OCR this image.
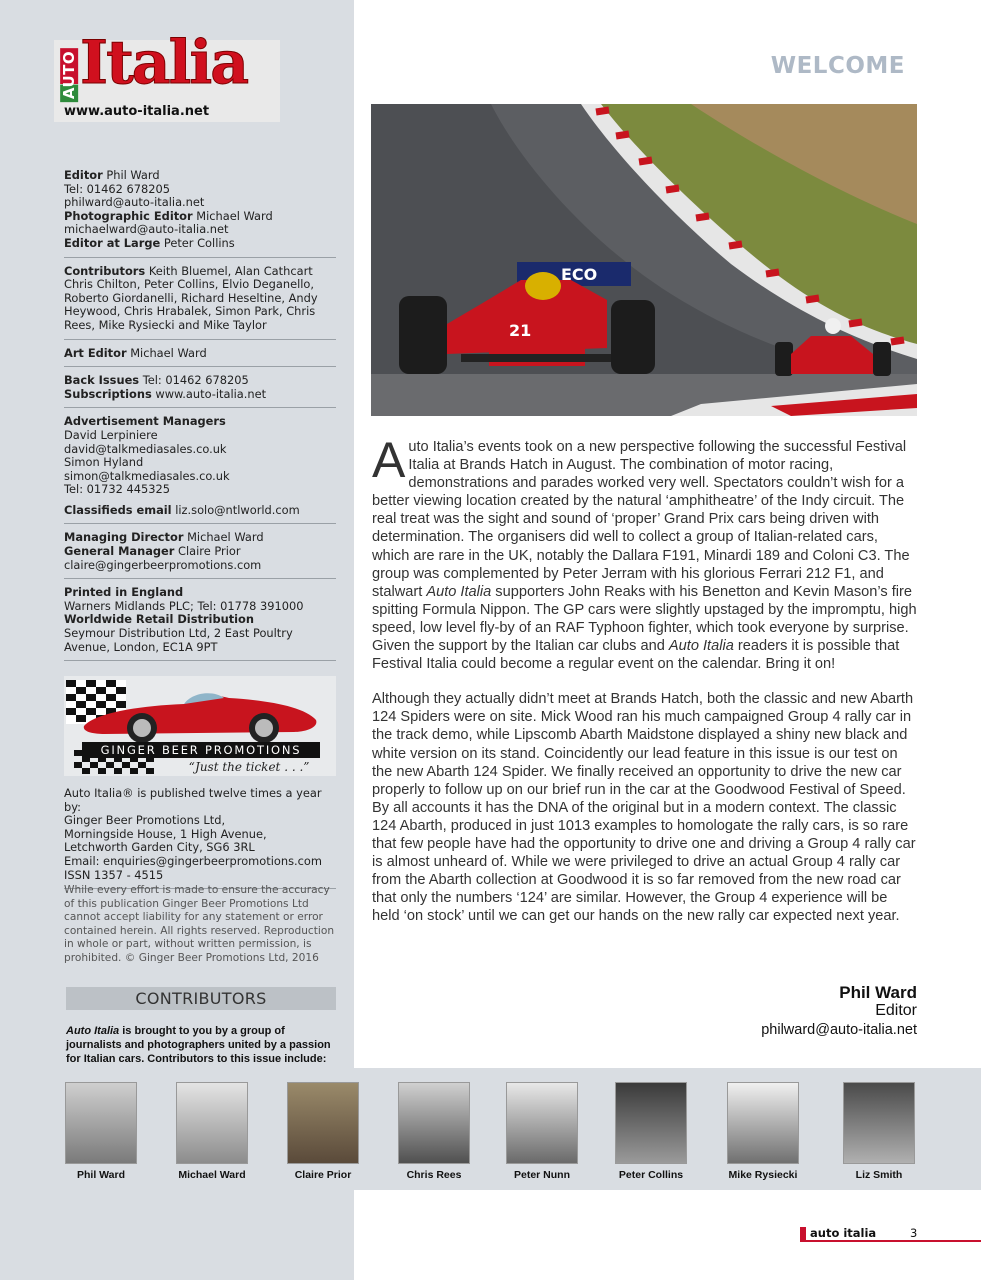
AUTO Italia
www.auto-italia.net
Editor Phil Ward
Tel: 01462 678205
philward@auto-italia.net
Photographic Editor Michael Ward
michaelward@auto-italia.net
Editor at Large Peter Collins
Contributors Keith Bluemel, Alan Cathcart Chris Chilton, Peter Collins, Elvio Deganello, Roberto Giordanelli, Richard Heseltine, Andy Heywood, Chris Hrabalek, Simon Park, Chris Rees, Mike Rysiecki and Mike Taylor
Art Editor Michael Ward
Back Issues Tel: 01462 678205
Subscriptions www.auto-italia.net
Advertisement Managers
David Lerpiniere
david@talkmediasales.co.uk
Simon Hyland
simon@talkmediasales.co.uk
Tel: 01732 445325
Classifieds email liz.solo@ntlworld.com
Managing Director Michael Ward
General Manager Claire Prior
claire@gingerbeerpromotions.com
Printed in England
Warners Midlands PLC; Tel: 01778 391000
Worldwide Retail Distribution
Seymour Distribution Ltd, 2 East Poultry Avenue, London, EC1A 9PT
GINGER BEER PROMOTIONS
“Just the ticket . . .”
Auto Italia® is published twelve times a year by:
Ginger Beer Promotions Ltd,
Morningside House, 1 High Avenue,
Letchworth Garden City, SG6 3RL
Email: enquiries@gingerbeerpromotions.com
ISSN 1357 - 4515
While every effort is made to ensure the accuracy of this publication Ginger Beer Promotions Ltd cannot accept liability for any statement or error contained herein. All rights reserved. Reproduction in whole or part, without written permission, is prohibited. © Ginger Beer Promotions Ltd, 2016
CONTRIBUTORS
Auto Italia is brought to you by a group of journalists and photographers united by a passion for Italian cars. Contributors to this issue include:
WELCOME
ECO
21

Auto Italia’s events took on a new perspective following the successful Festival Italia at Brands Hatch in August. The combination of motor racing, demonstrations and parades worked very well. Spectators couldn’t wish for a better viewing location created by the natural ‘amphitheatre’ of the Indy circuit. The real treat was the sight and sound of ‘proper’ Grand Prix cars being driven with determination. The organisers did well to collect a group of Italian-related cars, which are rare in the UK, notably the Dallara F191, Minardi 189 and Coloni C3. The group was complemented by Peter Jerram with his glorious Ferrari 212 F1, and stalwart Auto Italia supporters John Reaks with his Benetton and Kevin Mason’s fire spitting Formula Nippon. The GP cars were slightly upstaged by the impromptu, high speed, low level fly-by of an RAF Typhoon fighter, which took everyone by surprise. Given the support by the Italian car clubs and Auto Italia readers it is possible that Festival Italia could become a regular event on the calendar. Bring it on!

Although they actually didn’t meet at Brands Hatch, both the classic and new Abarth 124 Spiders were on site. Mick Wood ran his much campaigned Group 4 rally car in the track demo, while Lipscomb Abarth Maidstone displayed a shiny new black and white version on its stand. Coincidently our lead feature in this issue is our test on the new Abarth 124 Spider. We finally received an opportunity to drive the new car properly to follow up on our brief run in the car at the Goodwood Festival of Speed. By all accounts it has the DNA of the original but in a modern context. The classic 124 Abarth, produced in just 1013 examples to homologate the rally cars, is so rare that few people have had the opportunity to drive one and driving a Group 4 rally car is almost unheard of. While we were privileged to drive an actual Group 4 rally car from the Abarth collection at Goodwood it is so far removed from the new road car that only the numbers ‘124’ are similar. However, the Group 4 experience will be held ‘on stock’ until we can get our hands on the new rally car expected next year.

Phil Ward
Editor
philward@auto-italia.net
Phil Ward	Michael Ward	Claire Prior	Chris Rees	Peter Nunn	Peter Collins	Mike Rysiecki	Liz Smith
auto italia	3
